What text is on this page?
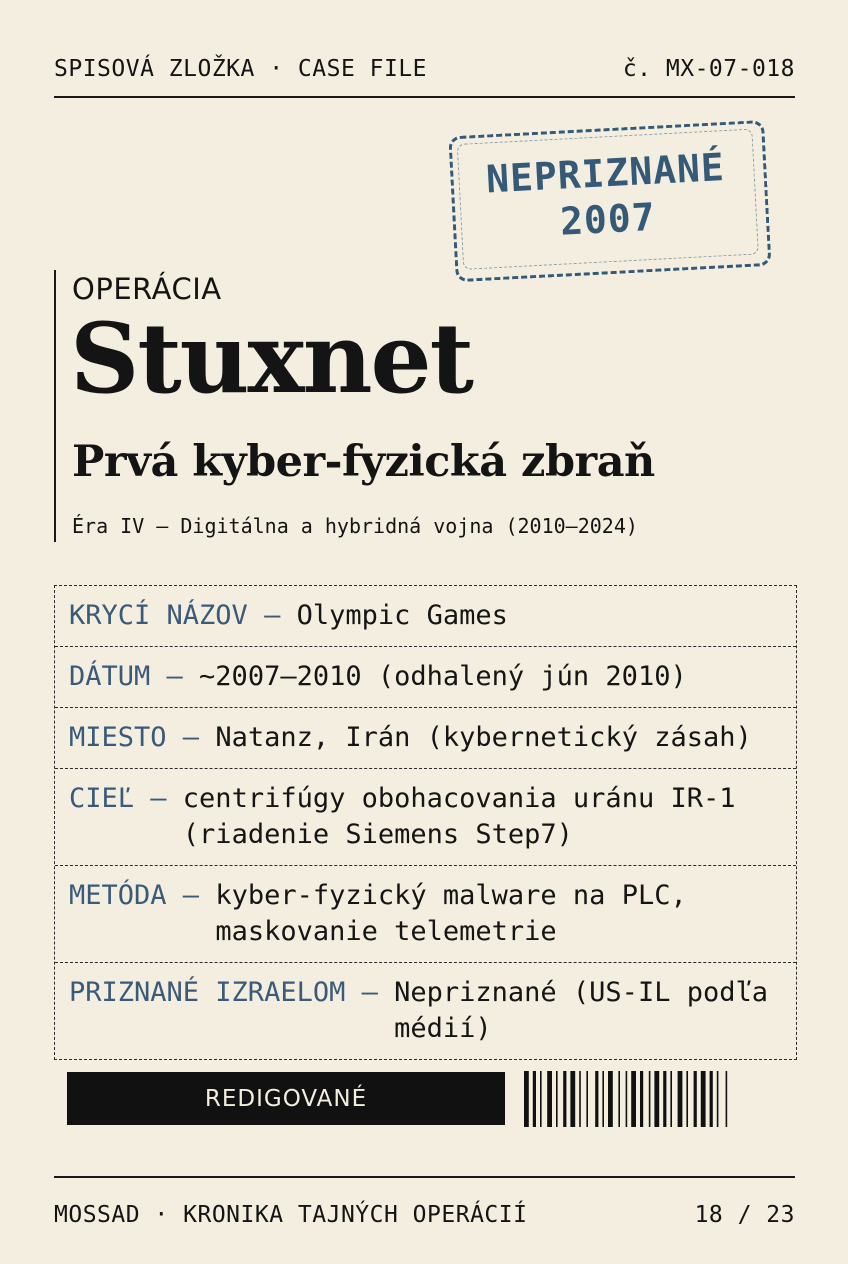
SPISOVÁ ZLOŽKA · CASE FILE	č. MX-07-018
NEPRIZNANÉ
2007
OPERÁCIA
Stuxnet
Prvá kyber-fyzická zbraň
Éra IV — Digitálna a hybridná vojna (2010–2024)
KRYCÍ NÁZOV — Olympic Games
DÁTUM — ~2007–2010 (odhalený jún 2010)
MIESTO — Natanz, Irán (kybernetický zásah)
CIEĽ — centrifúgy obohacovania uránu IR-1 (riadenie Siemens Step7)
METÓDA — kyber-fyzický malware na PLC, maskovanie telemetrie
PRIZNANÉ IZRAELOM — Nepriznané (US-IL podľa médií)
REDIGOVANÉ
MOSSAD · KRONIKA TAJNÝCH OPERÁCIÍ	18 / 23
